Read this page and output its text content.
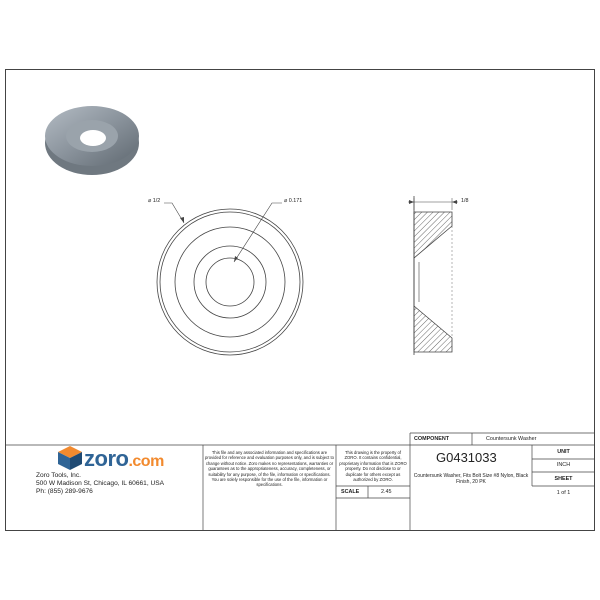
⌀ 1/2	⌀ 0.171	1/8
zoro.com
Zoro Tools, Inc.
500 W Madison St, Chicago, IL 60661, USA
Ph: (855) 289-9676
This file and any associated information and specifications are provided for reference and evaluation purposes only, and is subject to change without notice. Zoro makes no representations, warranties or guarantees as to the appropriateness, accuracy, completeness, or suitability for any purpose, of the file, information or specifications. You are solely responsible for the use of the file, information or specifications.
This drawing is the property of ZORO. It contains confidential, proprietary information that is ZORO property. Do not disclose to or duplicate for others except as authorized by ZORO.
SCALE	2.45
COMPONENT	Countersunk Washer
G0431033
Countersunk Washer, Fits Bolt Size #8 Nylon, Black Finish, 20 PK
UNIT
INCH
SHEET
1 of 1
